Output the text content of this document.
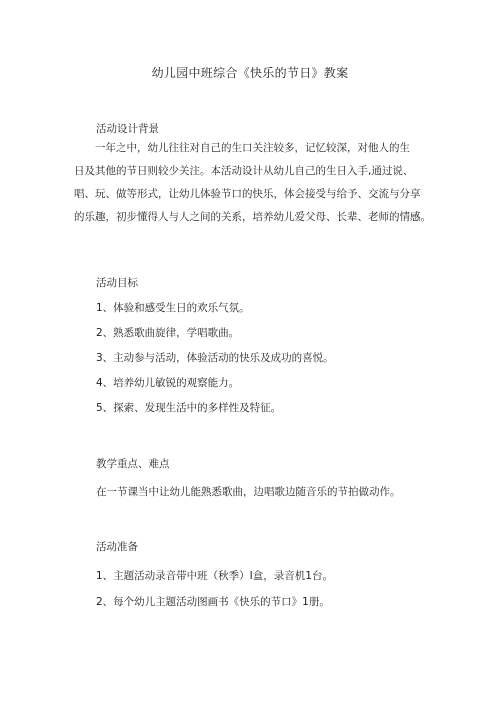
幼儿园中班综合《快乐的节日》教案
活动设计背景
一年之中，幼儿往往对自己的生口关注较多，记忆较深，对他人的生
日及其他的节日则较少关注。本活动设计从幼儿自己的生日入手,通过说、
唱、玩、做等形式，让幼儿体验节口的快乐，体会接受与给予、交流与分享
的乐趣，初步懂得人与人之间的关系，培养幼儿爱父母、长辈、老师的情感。
活动目标
1、体验和感受生日的欢乐气氛。
2、熟悉歌曲旋律，学唱歌曲。
3、主动参与活动，体验活动的快乐及成功的喜悦。
4、培养幼儿敏锐的观察能力。
5、探索、发现生活中的多样性及特征。
教学重点、难点
在一节课当中让幼儿能熟悉歌曲，边唱歌边随音乐的节拍做动作。
活动准备
1、主题活动录音带中班（秋季）I盒，录音机1台。
2、每个幼儿主题活动图画书《快乐的节口》1册。
